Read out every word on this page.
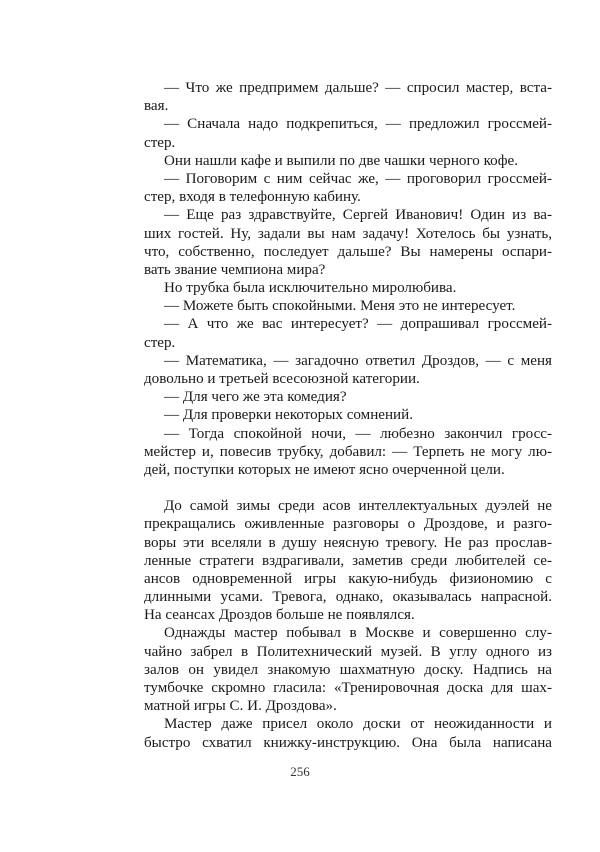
— Что же предпримем дальше? — спросил мастер, вста-
вая.
— Сначала надо подкрепиться, — предложил гроссмей-
стер.
Они нашли кафе и выпили по две чашки черного кофе.
— Поговорим с ним сейчас же, — проговорил гроссмей-
стер, входя в телефонную кабину.
— Еще раз здравствуйте, Сергей Иванович! Один из ва-
ших гостей. Ну, задали вы нам задачу! Хотелось бы узнать,
что, собственно, последует дальше? Вы намерены оспари-
вать звание чемпиона мира?
Но трубка была исключительно миролюбива.
— Можете быть спокойными. Меня это не интересует.
— А что же вас интересует? — допрашивал гроссмей-
стер.
— Математика, — загадочно ответил Дроздов, — с меня
довольно и третьей всесоюзной категории.
— Для чего же эта комедия?
— Для проверки некоторых сомнений.
— Тогда спокойной ночи, — любезно закончил гросс-
мейстер и, повесив трубку, добавил: — Терпеть не могу лю-
дей, поступки которых не имеют ясно очерченной цели.
До самой зимы среди асов интеллектуальных дуэлей не
прекращались оживленные разговоры о Дроздове, и разго-
воры эти вселяли в душу неясную тревогу. Не раз прослав-
ленные стратеги вздрагивали, заметив среди любителей се-
ансов одновременной игры какую-нибудь физиономию с
длинными усами. Тревога, однако, оказывалась напрасной.
На сеансах Дроздов больше не появлялся.
Однажды мастер побывал в Москве и совершенно слу-
чайно забрел в Политехнический музей. В углу одного из
залов он увидел знакомую шахматную доску. Надпись на
тумбочке скромно гласила: «Тренировочная доска для шах-
матной игры С. И. Дроздова».
Мастер даже присел около доски от неожиданности и
быстро схватил книжку-инструкцию. Она была написана
256
